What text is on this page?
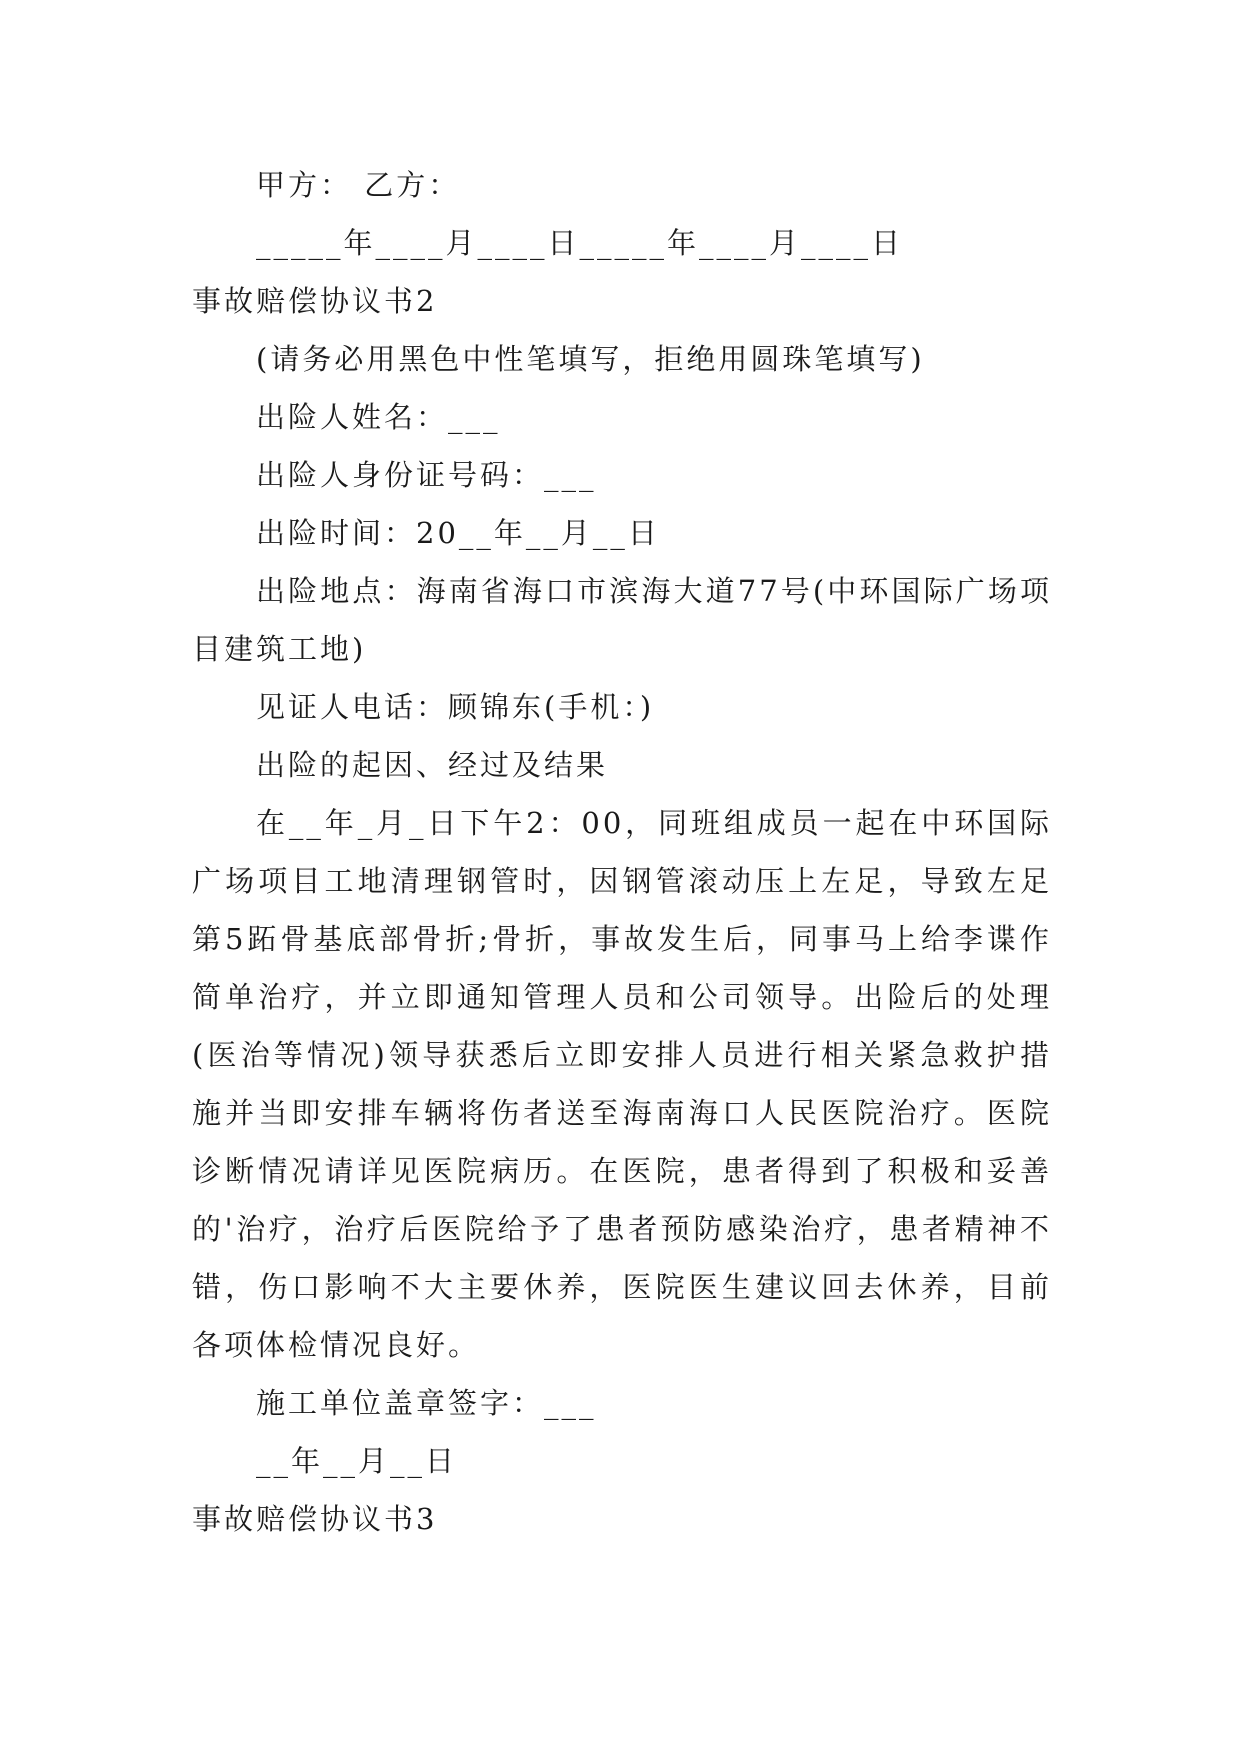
甲方： 乙方：

_____年____月____日_____年____月____日

事故赔偿协议书2

(请务必用黑色中性笔填写，拒绝用圆珠笔填写)

出险人姓名：___

出险人身份证号码：___

出险时间：20__年__月__日

出险地点：海南省海口市滨海大道77号(中环国际广场项目建筑工地)

见证人电话：顾锦东(手机：)

出险的起因、经过及结果

在__年_月_日下午2：00，同班组成员一起在中环国际广场项目工地清理钢管时，因钢管滚动压上左足，导致左足第5跖骨基底部骨折;骨折，事故发生后，同事马上给李谍作简单治疗，并立即通知管理人员和公司领导。出险后的处理(医治等情况)领导获悉后立即安排人员进行相关紧急救护措施并当即安排车辆将伤者送至海南海口人民医院治疗。医院诊断情况请详见医院病历。在医院，患者得到了积极和妥善的'治疗，治疗后医院给予了患者预防感染治疗，患者精神不错，伤口影响不大主要休养，医院医生建议回去休养，目前各项体检情况良好。

施工单位盖章签字：___

__年__月__日

事故赔偿协议书3
